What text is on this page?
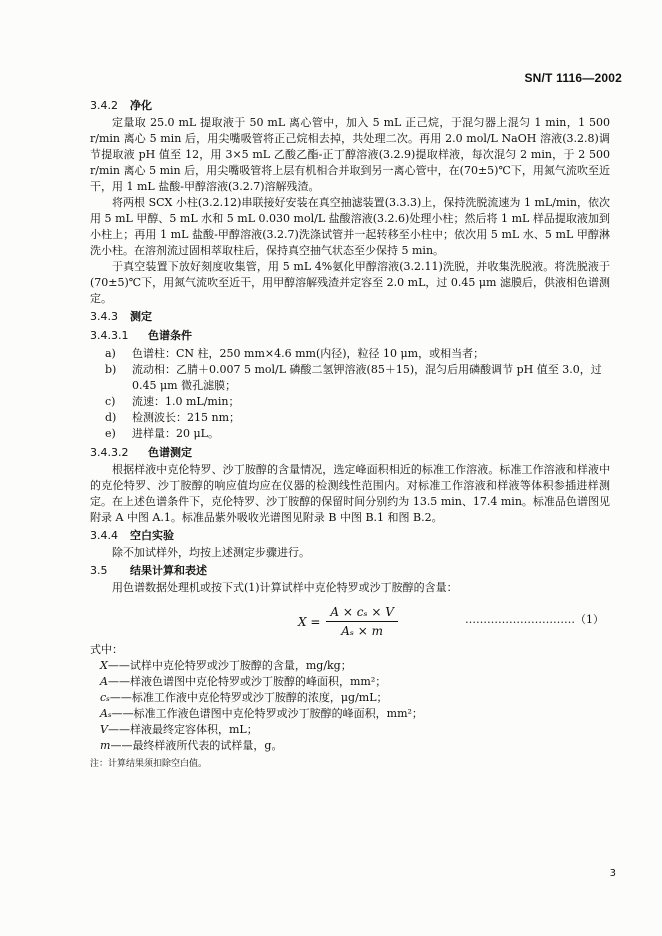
SN/T 1116—2002
3.4.2 净化

定量取 25.0 mL 提取液于 50 mL 离心管中，加入 5 mL 正己烷，于混匀器上混匀 1 min，1 500 r/min 离心 5 min 后，用尖嘴吸管将正己烷相去掉，共处理二次。再用 2.0 mol/L NaOH 溶液(3.2.8)调节提取液 pH 值至 12，用 3×5 mL 乙酸乙酯-正丁醇溶液(3.2.9)提取样液，每次混匀 2 min，于 2 500 r/min 离心 5 min 后，用尖嘴吸管将上层有机相合并取到另一离心管中，在(70±5)℃下，用氮气流吹至近干，用 1 mL 盐酸-甲醇溶液(3.2.7)溶解残渣。

将两根 SCX 小柱(3.2.12)串联接好安装在真空抽滤装置(3.3.3)上，保持洗脱流速为 1 mL/min，依次用 5 mL 甲醇、5 mL 水和 5 mL 0.030 mol/L 盐酸溶液(3.2.6)处理小柱；然后将 1 mL 样品提取液加到小柱上；再用 1 mL 盐酸-甲醇溶液(3.2.7)洗涤试管并一起转移至小柱中；依次用 5 mL 水、5 mL 甲醇淋洗小柱。在溶剂流过固相萃取柱后，保持真空抽气状态至少保持 5 min。

于真空装置下放好刻度收集管，用 5 mL 4%氨化甲醇溶液(3.2.11)洗脱，并收集洗脱液。将洗脱液于(70±5)℃下，用氮气流吹至近干，用甲醇溶解残渣并定容至 2.0 mL，过 0.45 μm 滤膜后，供液相色谱测定。

3.4.3 测定
3.4.3.1 色谱条件
a) 色谱柱：CN 柱，250 mm×4.6 mm(内径)，粒径 10 μm，或相当者；
b) 流动相：乙腈＋0.007 5 mol/L 磷酸二氢钾溶液(85＋15)，混匀后用磷酸调节 pH 值至 3.0，过 0.45 μm 微孔滤膜；
c) 流速：1.0 mL/min；
d) 检测波长：215 nm；
e) 进样量：20 μL。
3.4.3.2 色谱测定

根据样液中克伦特罗、沙丁胺醇的含量情况，选定峰面积相近的标准工作溶液。标准工作溶液和样液中的克伦特罗、沙丁胺醇的响应值均应在仪器的检测线性范围内。对标准工作溶液和样液等体积参插进样测定。在上述色谱条件下，克伦特罗、沙丁胺醇的保留时间分别约为 13.5 min、17.4 min。标准品色谱图见附录 A 中图 A.1。标准品紫外吸收光谱图见附录 B 中图 B.1 和图 B.2。

3.4.4 空白实验

除不加试样外，均按上述测定步骤进行。

3.5 结果计算和表述

用色谱数据处理机或按下式(1)计算试样中克伦特罗或沙丁胺醇的含量：

$X = \frac{\text{A × cₛ × V}}{\text{Aₛ × m}}$	…………………………（1）
式中：
X——试样中克伦特罗或沙丁胺醇的含量，mg/kg；
A——样液色谱图中克伦特罗或沙丁胺醇的峰面积，mm²；
cₛ——标准工作液中克伦特罗或沙丁胺醇的浓度，μg/mL；
Aₛ——标准工作液色谱图中克伦特罗或沙丁胺醇的峰面积，mm²；
V——样液最终定容体积，mL；
m——最终样液所代表的试样量，g。
注：计算结果须扣除空白值。
3
